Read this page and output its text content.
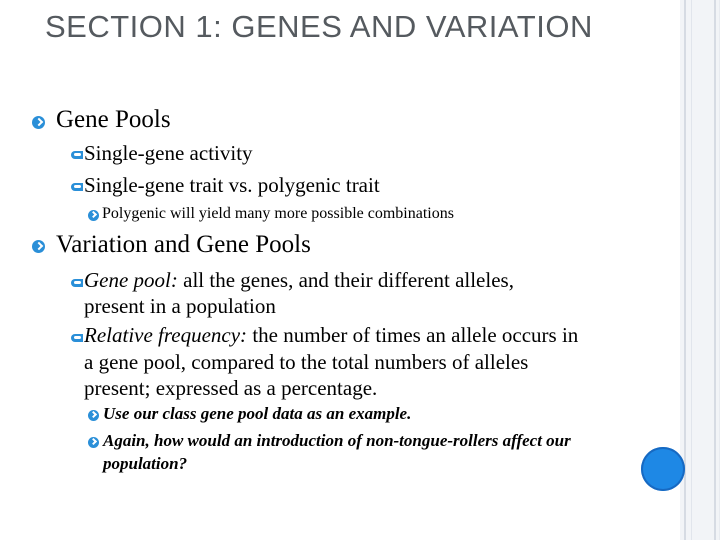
SECTION 1: GENES AND VARIATION
Gene Pools
Single-gene activity
Single-gene trait vs. polygenic trait
Polygenic will yield many more possible combinations
Variation and Gene Pools
Gene pool: all the genes, and their different alleles,
present in a population
Relative frequency: the number of times an allele occurs in
a gene pool, compared to the total numbers of alleles
present; expressed as a percentage.
Use our class gene pool data as an example.
Again, how would an introduction of non-tongue-rollers affect our
population?
